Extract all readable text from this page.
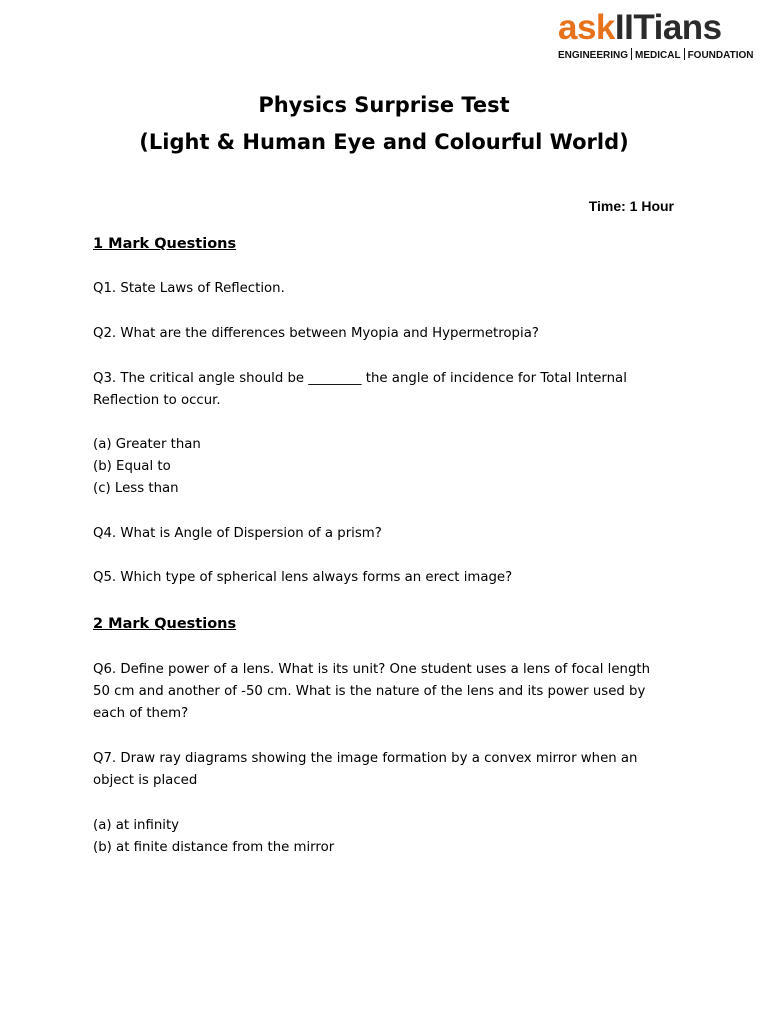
askIITians
ENGINEERING MEDICAL FOUNDATION
Physics Surprise Test
(Light & Human Eye and Colourful World)
Time: 1 Hour
1 Mark Questions
Q1. State Laws of Reflection.
Q2. What are the differences between Myopia and Hypermetropia?
Q3. The critical angle should be ________ the angle of incidence for Total Internal
Reflection to occur.
(a) Greater than
(b) Equal to
(c) Less than
Q4. What is Angle of Dispersion of a prism?
Q5. Which type of spherical lens always forms an erect image?
2 Mark Questions
Q6. Define power of a lens. What is its unit? One student uses a lens of focal length
50 cm and another of -50 cm. What is the nature of the lens and its power used by
each of them?
Q7. Draw ray diagrams showing the image formation by a convex mirror when an
object is placed
(a) at infinity
(b) at finite distance from the mirror
